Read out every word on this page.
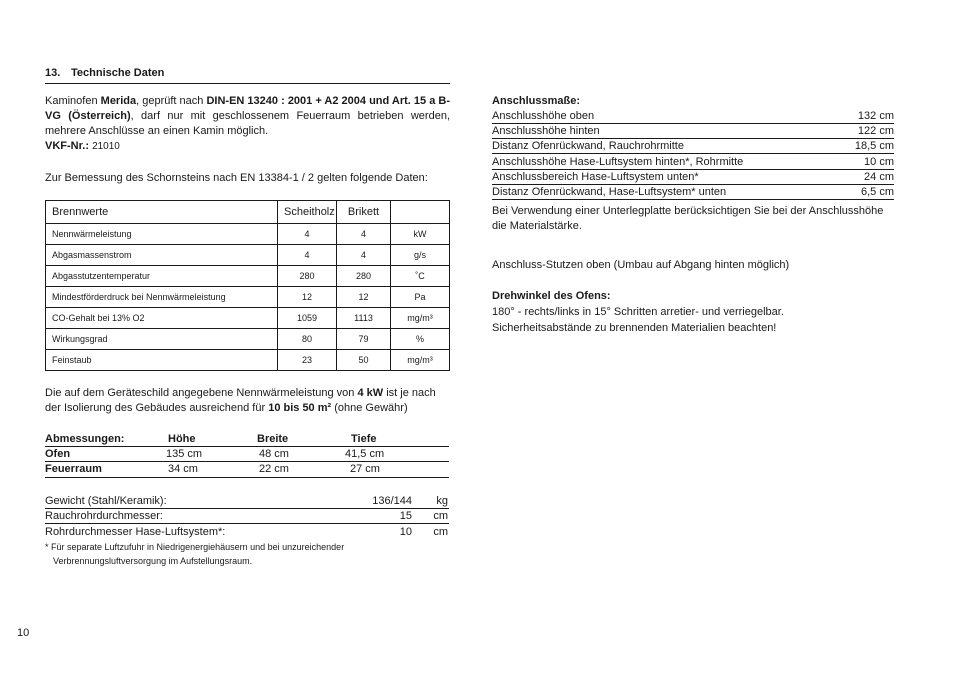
13. Technische Daten
Kaminofen Merida, geprüft nach DIN-EN 13240 : 2001 + A2 2004 und Art. 15 a B-VG (Österreich), darf nur mit geschlossenem Feuerraum betrieben werden, mehrere Anschlüsse an einen Kamin möglich.
VKF-Nr.: 21010
Zur Bemessung des Schornsteins nach EN 13384-1 / 2 gelten folgende Daten:
Brennwerte	Scheitholz	Brikett	
Nennwärmeleistung	4	4	kW
Abgasmassenstrom	4	4	g/s
Abgasstutzentemperatur	280	280	˚C
Mindestförderdruck bei Nennwärmeleistung	12	12	Pa
CO-Gehalt bei 13% O2	1059	1113	mg/m³
Wirkungsgrad	80	79	%
Feinstaub	23	50	mg/m³
Die auf dem Geräteschild angegebene Nennwärmeleistung von 4 kW ist je nach der Isolierung des Gebäudes ausreichend für 10 bis 50 m² (ohne Gewähr)
Abmessungen:	Höhe	Breite	Tiefe
Ofen	135 cm	48 cm	41,5 cm
Feuerraum	34 cm	22 cm	27 cm
Gewicht (Stahl/Keramik):	136/144 kg
Rauchrohrdurchmesser:	15 cm
Rohrdurchmesser Hase-Luftsystem*:	10 cm
* Für separate Luftzufuhr in Niedrigenergiehäusern und bei unzureichender
Verbrennungsluftversorgung im Aufstellungsraum.
10
Anschlussmaße:
Anschlusshöhe oben	132 cm
Anschlusshöhe hinten	122 cm
Distanz Ofenrückwand, Rauchrohrmitte	18,5 cm
Anschlusshöhe Hase-Luftsystem hinten*, Rohrmitte	10 cm
Anschlussbereich Hase-Luftsystem unten*	24 cm
Distanz Ofenrückwand, Hase-Luftsystem* unten	6,5 cm
Bei Verwendung einer Unterlegplatte berücksichtigen Sie bei der Anschlusshöhe die Materialstärke.
Anschluss-Stutzen oben (Umbau auf Abgang hinten möglich)
Drehwinkel des Ofens:
180° - rechts/links in 15° Schritten arretier- und verriegelbar.
Sicherheitsabstände zu brennenden Materialien beachten!
